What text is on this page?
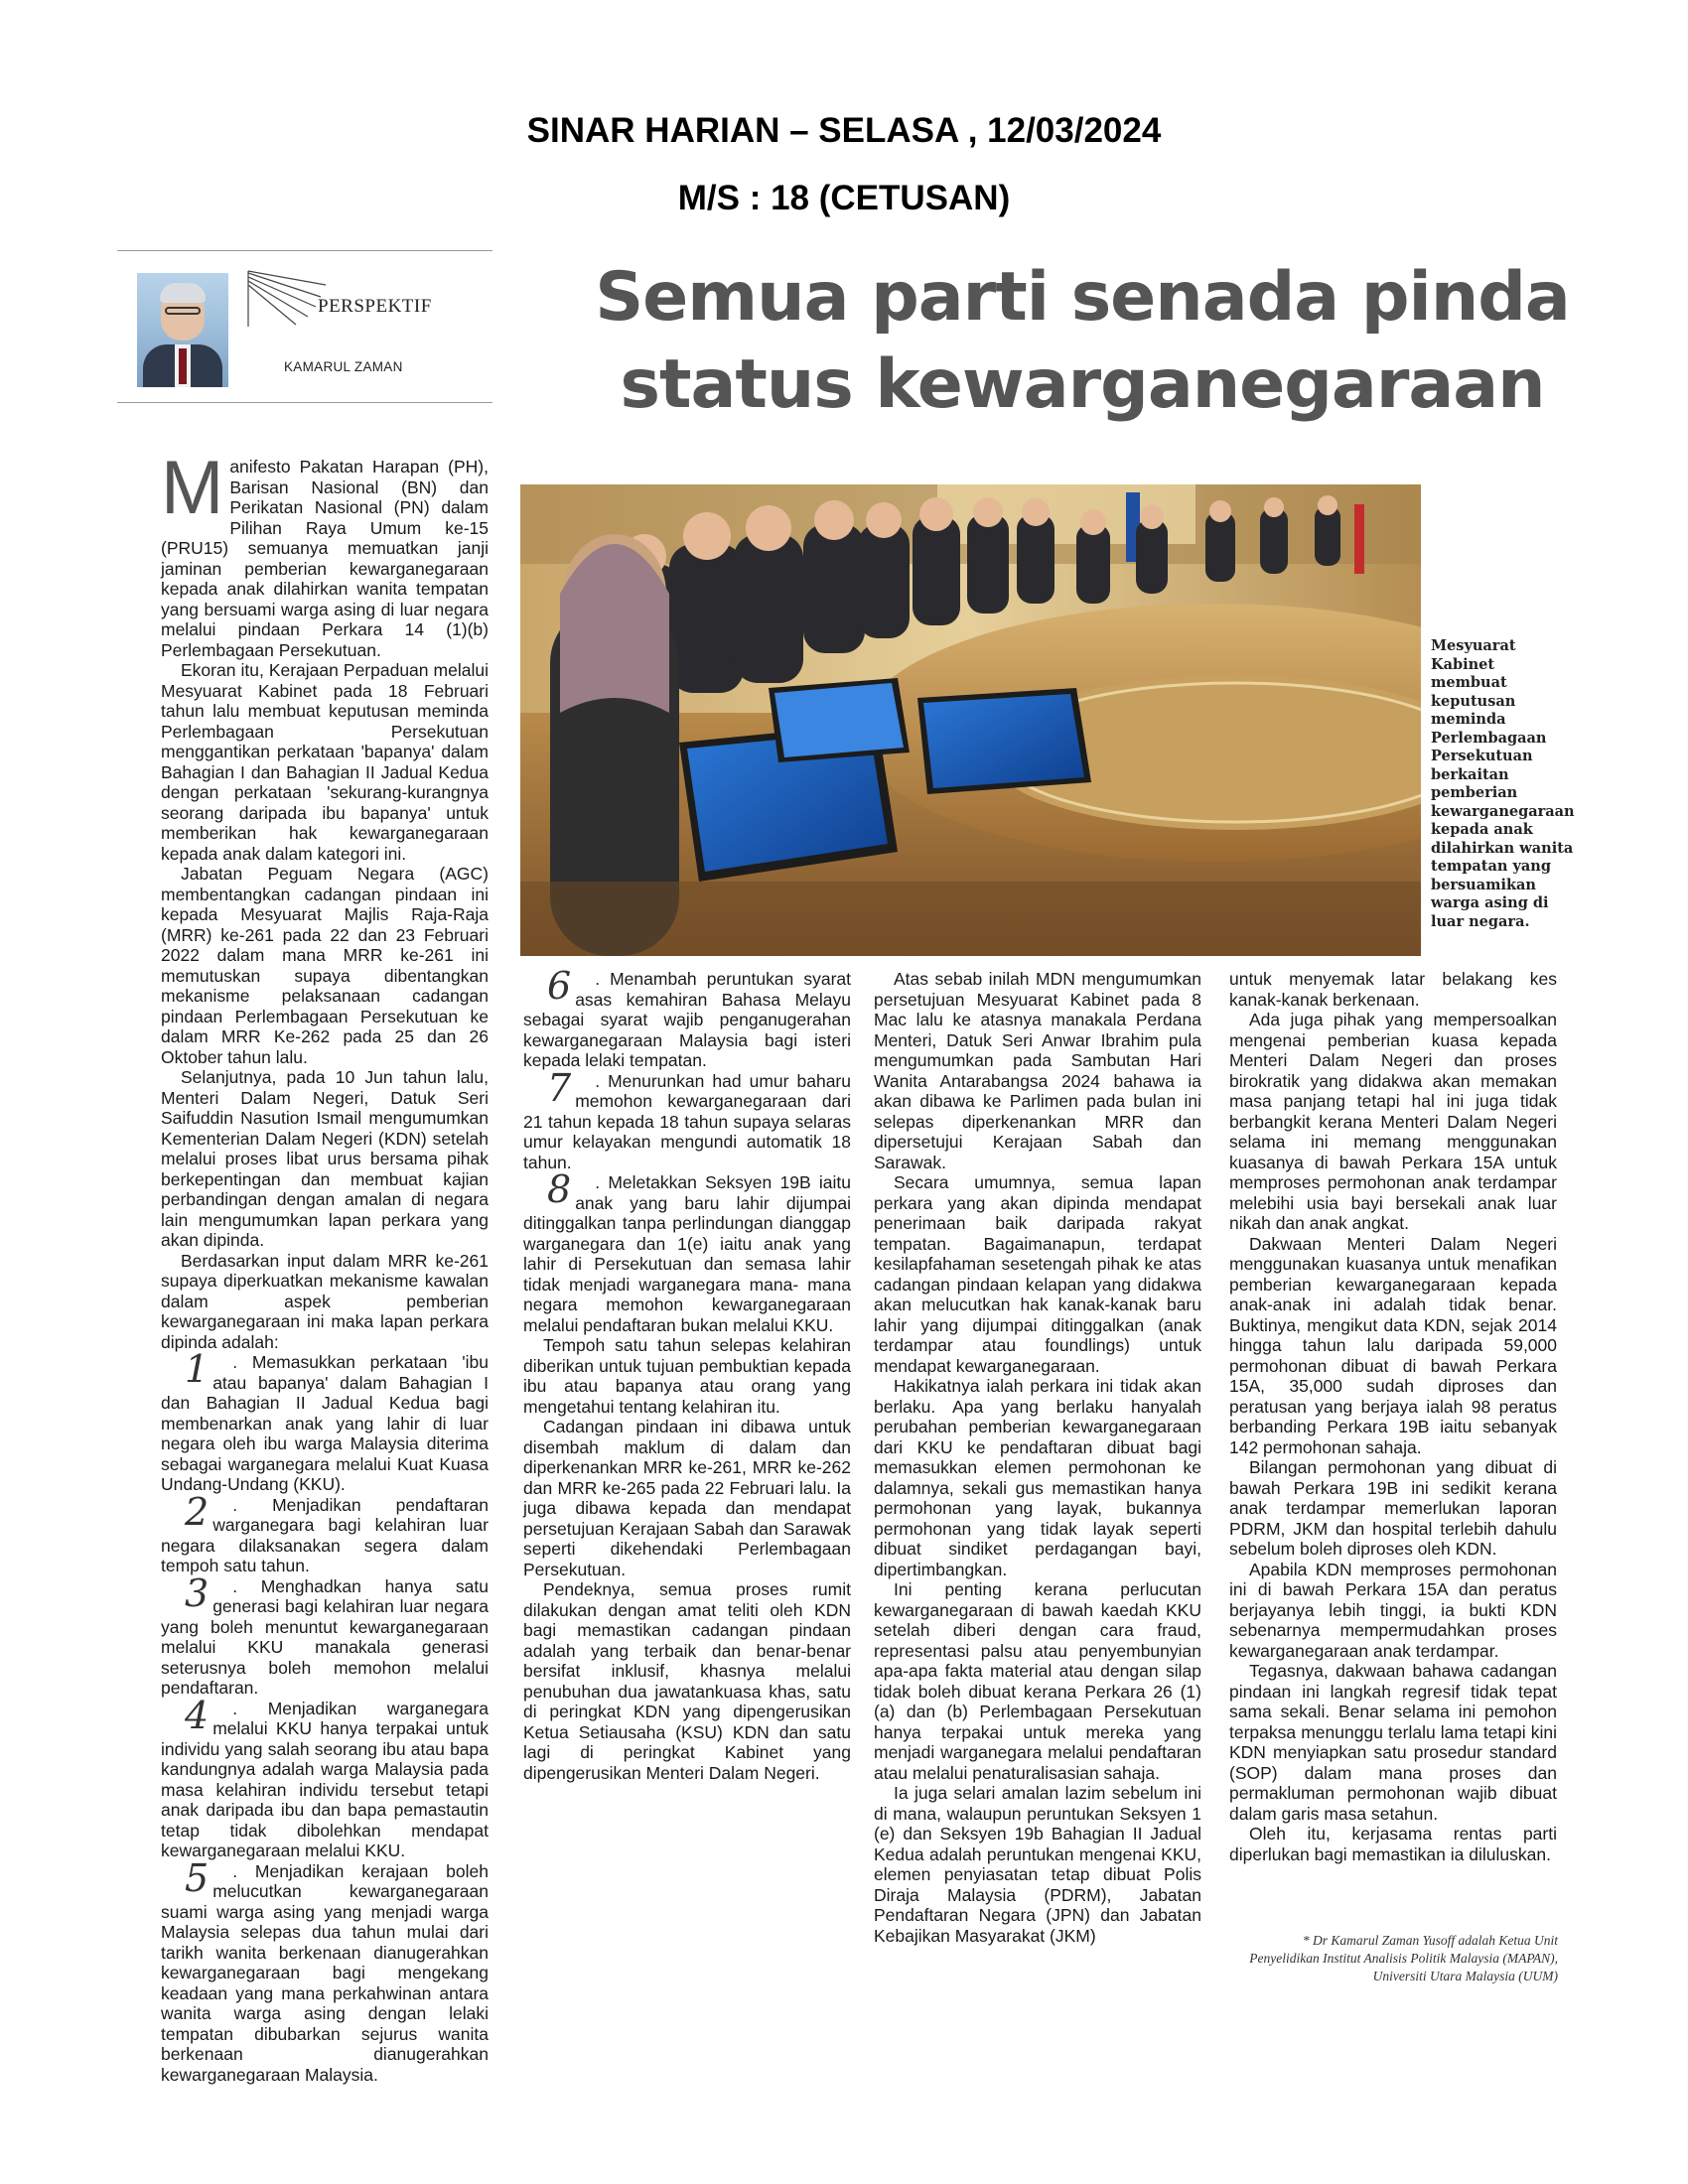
SINAR HARIAN – SELASA , 12/03/2024
M/S : 18 (CETUSAN)
PERSPEKTIF
KAMARUL ZAMAN
Semua parti senada pinda
status kewarganegaraan
Mesyuarat Kabinet membuat keputusan meminda Perlembagaan Persekutuan berkaitan pemberian kewarganegaraan kepada anak dilahirkan wanita tempatan yang bersuamikan warga asing di luar negara.
M anifesto Pakatan Harapan (PH), Barisan Nasional (BN) dan Perikatan Nasional (PN) dalam Pilihan Raya Umum ke-15 (PRU15) semuanya memuatkan janji jaminan pemberian kewarganegaraan kepada anak dilahirkan wanita tempatan yang bersuami warga asing di luar negara melalui pindaan Perkara 14 (1)(b) Perlembagaan Persekutuan.

Ekoran itu, Kerajaan Perpaduan melalui Mesyuarat Kabinet pada 18 Februari tahun lalu membuat keputusan meminda Perlembagaan Persekutuan menggantikan perkataan 'bapanya' dalam Bahagian I dan Bahagian II Jadual Kedua dengan perkataan 'sekurang-kurangnya seorang daripada ibu bapanya' untuk memberikan hak kewarganegaraan kepada anak dalam kategori ini.

Jabatan Peguam Negara (AGC) membentangkan cadangan pindaan ini kepada Mesyuarat Majlis Raja-Raja (MRR) ke-261 pada 22 dan 23 Februari 2022 dalam mana MRR ke-261 ini memutuskan supaya dibentangkan mekanisme pelaksanaan cadangan pindaan Perlembagaan Persekutuan ke dalam MRR Ke-262 pada 25 dan 26 Oktober tahun lalu.

Selanjutnya, pada 10 Jun tahun lalu, Menteri Dalam Negeri, Datuk Seri Saifuddin Nasution Ismail mengumumkan Kementerian Dalam Negeri (KDN) setelah melalui proses libat urus bersama pihak berkepentingan dan membuat kajian perbandingan dengan amalan di negara lain mengumumkan lapan perkara yang akan dipinda.

Berdasarkan input dalam MRR ke-261 supaya diperkuatkan mekanisme kawalan dalam aspek pemberian kewarganegaraan ini maka lapan perkara dipinda adalah:

1 . Memasukkan perkataan 'ibu atau bapanya' dalam Bahagian I dan Bahagian II Jadual Kedua bagi membenarkan anak yang lahir di luar negara oleh ibu warga Malaysia diterima sebagai warganegara melalui Kuat Kuasa Undang-Undang (KKU).

2 . Menjadikan pendaftaran warganegara bagi kelahiran luar negara dilaksanakan segera dalam tempoh satu tahun.

3 . Menghadkan hanya satu generasi bagi kelahiran luar negara yang boleh menuntut kewarganegaraan melalui KKU manakala generasi seterusnya boleh memohon melalui pendaftaran.

4 . Menjadikan warganegara melalui KKU hanya terpakai untuk individu yang salah seorang ibu atau bapa kandungnya adalah warga Malaysia pada masa kelahiran individu tersebut tetapi anak daripada ibu dan bapa pemastautin tetap tidak dibolehkan mendapat kewarganegaraan melalui KKU.

5 . Menjadikan kerajaan boleh melucutkan kewarganegaraan suami warga asing yang menjadi warga Malaysia selepas dua tahun mulai dari tarikh wanita berkenaan dianugerahkan kewarganegaraan bagi mengekang keadaan yang mana perkahwinan antara wanita warga asing dengan lelaki tempatan dibubarkan sejurus wanita berkenaan dianugerahkan kewarganegaraan Malaysia.

6 . Menambah peruntukan syarat asas kemahiran Bahasa Melayu sebagai syarat wajib penganugerahan kewarganegaraan Malaysia bagi isteri kepada lelaki tempatan.

7 . Menurunkan had umur baharu memohon kewarganegaraan dari 21 tahun kepada 18 tahun supaya selaras umur kelayakan mengundi automatik 18 tahun.

8 . Meletakkan Seksyen 19B iaitu anak yang baru lahir dijumpai ditinggalkan tanpa perlindungan dianggap warganegara dan 1(e) iaitu anak yang lahir di Persekutuan dan semasa lahir tidak menjadi warganegara mana- mana negara memohon kewarganegaraan melalui pendaftaran bukan melalui KKU.

Tempoh satu tahun selepas kelahiran diberikan untuk tujuan pembuktian kepada ibu atau bapanya atau orang yang mengetahui tentang kelahiran itu.

Cadangan pindaan ini dibawa untuk disembah maklum di dalam dan diperkenankan MRR ke-261, MRR ke-262 dan MRR ke-265 pada 22 Februari lalu. Ia juga dibawa kepada dan mendapat persetujuan Kerajaan Sabah dan Sarawak seperti dikehendaki Perlembagaan Persekutuan.

Pendeknya, semua proses rumit dilakukan dengan amat teliti oleh KDN bagi memastikan cadangan pindaan adalah yang terbaik dan benar-benar bersifat inklusif, khasnya melalui penubuhan dua jawatankuasa khas, satu di peringkat KDN yang dipengerusikan Ketua Setiausaha (KSU) KDN dan satu lagi di peringkat Kabinet yang dipengerusikan Menteri Dalam Negeri.

Atas sebab inilah MDN mengumumkan persetujuan Mesyuarat Kabinet pada 8 Mac lalu ke atasnya manakala Perdana Menteri, Datuk Seri Anwar Ibrahim pula mengumumkan pada Sambutan Hari Wanita Antarabangsa 2024 bahawa ia akan dibawa ke Parlimen pada bulan ini selepas diperkenankan MRR dan dipersetujui Kerajaan Sabah dan Sarawak.

Secara umumnya, semua lapan perkara yang akan dipinda mendapat penerimaan baik daripada rakyat tempatan. Bagaimanapun, terdapat kesilapfahaman sesetengah pihak ke atas cadangan pindaan kelapan yang didakwa akan melucutkan hak kanak-kanak baru lahir yang dijumpai ditinggalkan (anak terdampar atau foundlings) untuk mendapat kewarganegaraan.

Hakikatnya ialah perkara ini tidak akan berlaku. Apa yang berlaku hanyalah perubahan pemberian kewarganegaraan dari KKU ke pendaftaran dibuat bagi memasukkan elemen permohonan ke dalamnya, sekali gus memastikan hanya permohonan yang layak, bukannya permohonan yang tidak layak seperti dibuat sindiket perdagangan bayi, dipertimbangkan.

Ini penting kerana perlucutan kewarganegaraan di bawah kaedah KKU setelah diberi dengan cara fraud, representasi palsu atau penyembunyian apa-apa fakta material atau dengan silap tidak boleh dibuat kerana Perkara 26 (1)(a) dan (b) Perlembagaan Persekutuan hanya terpakai untuk mereka yang menjadi warganegara melalui pendaftaran atau melalui penaturalisasian sahaja.

Ia juga selari amalan lazim sebelum ini di mana, walaupun peruntukan Seksyen 1 (e) dan Seksyen 19b Bahagian II Jadual Kedua adalah peruntukan mengenai KKU, elemen penyiasatan tetap dibuat Polis Diraja Malaysia (PDRM), Jabatan Pendaftaran Negara (JPN) dan Jabatan Kebajikan Masyarakat (JKM)

untuk menyemak latar belakang kes kanak-kanak berkenaan.

Ada juga pihak yang mempersoalkan mengenai pemberian kuasa kepada Menteri Dalam Negeri dan proses birokratik yang didakwa akan memakan masa panjang tetapi hal ini juga tidak berbangkit kerana Menteri Dalam Negeri selama ini memang menggunakan kuasanya di bawah Perkara 15A untuk memproses permohonan anak terdampar melebihi usia bayi bersekali anak luar nikah dan anak angkat.

Dakwaan Menteri Dalam Negeri menggunakan kuasanya untuk menafikan pemberian kewarganegaraan kepada anak-anak ini adalah tidak benar. Buktinya, mengikut data KDN, sejak 2014 hingga tahun lalu daripada 59,000 permohonan dibuat di bawah Perkara 15A, 35,000 sudah diproses dan peratusan yang berjaya ialah 98 peratus berbanding Perkara 19B iaitu sebanyak 142 permohonan sahaja.

Bilangan permohonan yang dibuat di bawah Perkara 19B ini sedikit kerana anak terdampar memerlukan laporan PDRM, JKM dan hospital terlebih dahulu sebelum boleh diproses oleh KDN.

Apabila KDN memproses permohonan ini di bawah Perkara 15A dan peratus berjayanya lebih tinggi, ia bukti KDN sebenarnya mempermudahkan proses kewarganegaraan anak terdampar.

Tegasnya, dakwaan bahawa cadangan pindaan ini langkah regresif tidak tepat sama sekali. Benar selama ini pemohon terpaksa menunggu terlalu lama tetapi kini KDN menyiapkan satu prosedur standard (SOP) dalam mana proses dan permakluman permohonan wajib dibuat dalam garis masa setahun.

Oleh itu, kerjasama rentas parti diperlukan bagi memastikan ia diluluskan.

* Dr Kamarul Zaman Yusoff adalah Ketua Unit Penyelidikan Institut Analisis Politik Malaysia (MAPAN), Universiti Utara Malaysia (UUM)
